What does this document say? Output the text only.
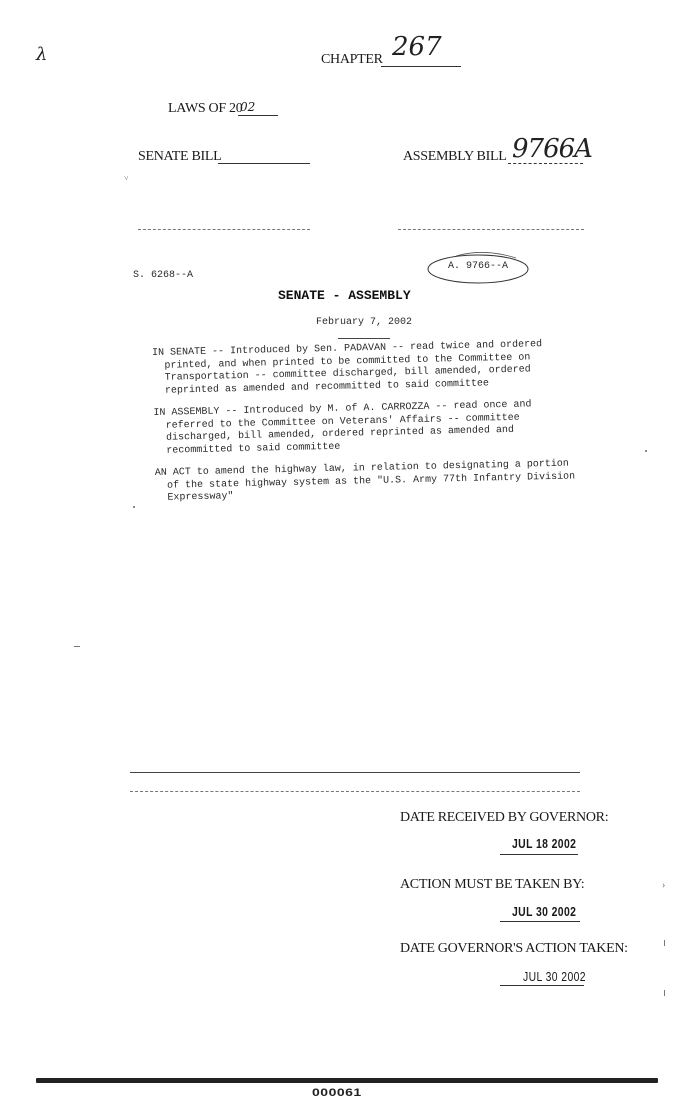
λ	CHAPTER 267
LAWS OF 20
02
SENATE BILL	ASSEMBLY BILL 9766A
˅
S. 6268--A
A. 9766--A
SENATE - ASSEMBLY
February 7, 2002
IN SENATE -- Introduced by Sen. PADAVAN -- read twice and ordered printed, and when printed to be committed to the Committee on Transportation -- committee discharged, bill amended, ordered reprinted as amended and recommitted to said committee
IN ASSEMBLY -- Introduced by M. of A. CARROZZA -- read once and referred to the Committee on Veterans' Affairs -- committee discharged, bill amended, ordered reprinted as amended and recommitted to said committee
AN ACT to amend the highway law, in relation to designating a portion of the state highway system as the "U.S. Army 77th Infantry Division Expressway"
DATE RECEIVED BY GOVERNOR:
JUL 18 2002
ACTION MUST BE TAKEN BY:
JUL 30 2002
DATE GOVERNOR'S ACTION TAKEN:
JUL 30 2002
›
000061
